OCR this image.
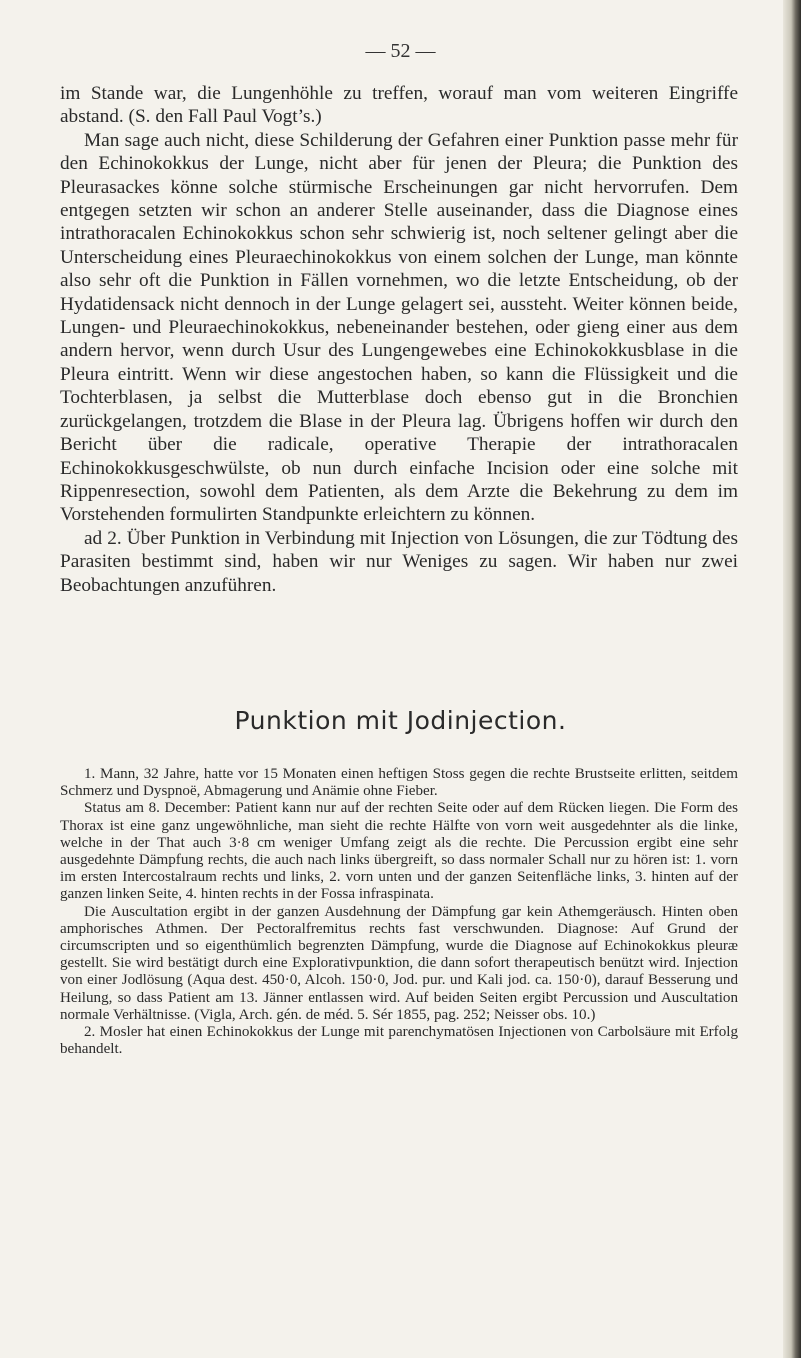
— 52 —

im Stande war, die Lungenhöhle zu treffen, worauf man vom weiteren Eingriffe abstand. (S. den Fall Paul Vogt’s.)

Man sage auch nicht, diese Schilderung der Gefahren einer Punktion passe mehr für den Echinokokkus der Lunge, nicht aber für jenen der Pleura; die Punktion des Pleurasackes könne solche stürmische Erscheinungen gar nicht hervorrufen. Dem entgegen setzten wir schon an anderer Stelle auseinander, dass die Diagnose eines intrathoracalen Echinokokkus schon sehr schwierig ist, noch seltener gelingt aber die Unterscheidung eines Pleuraechinokokkus von einem solchen der Lunge, man könnte also sehr oft die Punktion in Fällen vornehmen, wo die letzte Entscheidung, ob der Hydatidensack nicht dennoch in der Lunge gelagert sei, aussteht. Weiter können beide, Lungen- und Pleuraechinokokkus, nebeneinander bestehen, oder gieng einer aus dem andern hervor, wenn durch Usur des Lungengewebes eine Echinokokkusblase in die Pleura eintritt. Wenn wir diese angestochen haben, so kann die Flüssigkeit und die Tochterblasen, ja selbst die Mutterblase doch ebenso gut in die Bronchien zurückgelangen, trotzdem die Blase in der Pleura lag. Übrigens hoffen wir durch den Bericht über die radicale, operative Therapie der intrathoracalen Echinokokkusgeschwülste, ob nun durch einfache Incision oder eine solche mit Rippenresection, sowohl dem Patienten, als dem Arzte die Bekehrung zu dem im Vorstehenden formulirten Standpunkte erleichtern zu können.

ad 2. Über Punktion in Verbindung mit Injection von Lösungen, die zur Tödtung des Parasiten bestimmt sind, haben wir nur Weniges zu sagen. Wir haben nur zwei Beobachtungen anzuführen.

Punktion mit Jodinjection.

1. Mann, 32 Jahre, hatte vor 15 Monaten einen heftigen Stoss gegen die rechte Brustseite erlitten, seitdem Schmerz und Dyspnoë, Abmagerung und Anämie ohne Fieber.

Status am 8. December: Patient kann nur auf der rechten Seite oder auf dem Rücken liegen. Die Form des Thorax ist eine ganz ungewöhnliche, man sieht die rechte Hälfte von vorn weit ausgedehnter als die linke, welche in der That auch 3·8 cm weniger Umfang zeigt als die rechte. Die Percussion ergibt eine sehr ausgedehnte Dämpfung rechts, die auch nach links übergreift, so dass normaler Schall nur zu hören ist: 1. vorn im ersten Intercostalraum rechts und links, 2. vorn unten und der ganzen Seitenfläche links, 3. hinten auf der ganzen linken Seite, 4. hinten rechts in der Fossa infraspinata.

Die Auscultation ergibt in der ganzen Ausdehnung der Dämpfung gar kein Athemgeräusch. Hinten oben amphorisches Athmen. Der Pectoralfremitus rechts fast verschwunden. Diagnose: Auf Grund der circumscripten und so eigenthümlich begrenzten Dämpfung, wurde die Diagnose auf Echinokokkus pleuræ gestellt. Sie wird bestätigt durch eine Explorativpunktion, die dann sofort therapeutisch benützt wird. Injection von einer Jodlösung (Aqua dest. 450·0, Alcoh. 150·0, Jod. pur. und Kali jod. ca. 150·0), darauf Besserung und Heilung, so dass Patient am 13. Jänner entlassen wird. Auf beiden Seiten ergibt Percussion und Auscultation normale Verhältnisse. (Vigla, Arch. gén. de méd. 5. Sér 1855, pag. 252; Neisser obs. 10.)

2. Mosler hat einen Echinokokkus der Lunge mit parenchymatösen Injectionen von Carbolsäure mit Erfolg behandelt.
